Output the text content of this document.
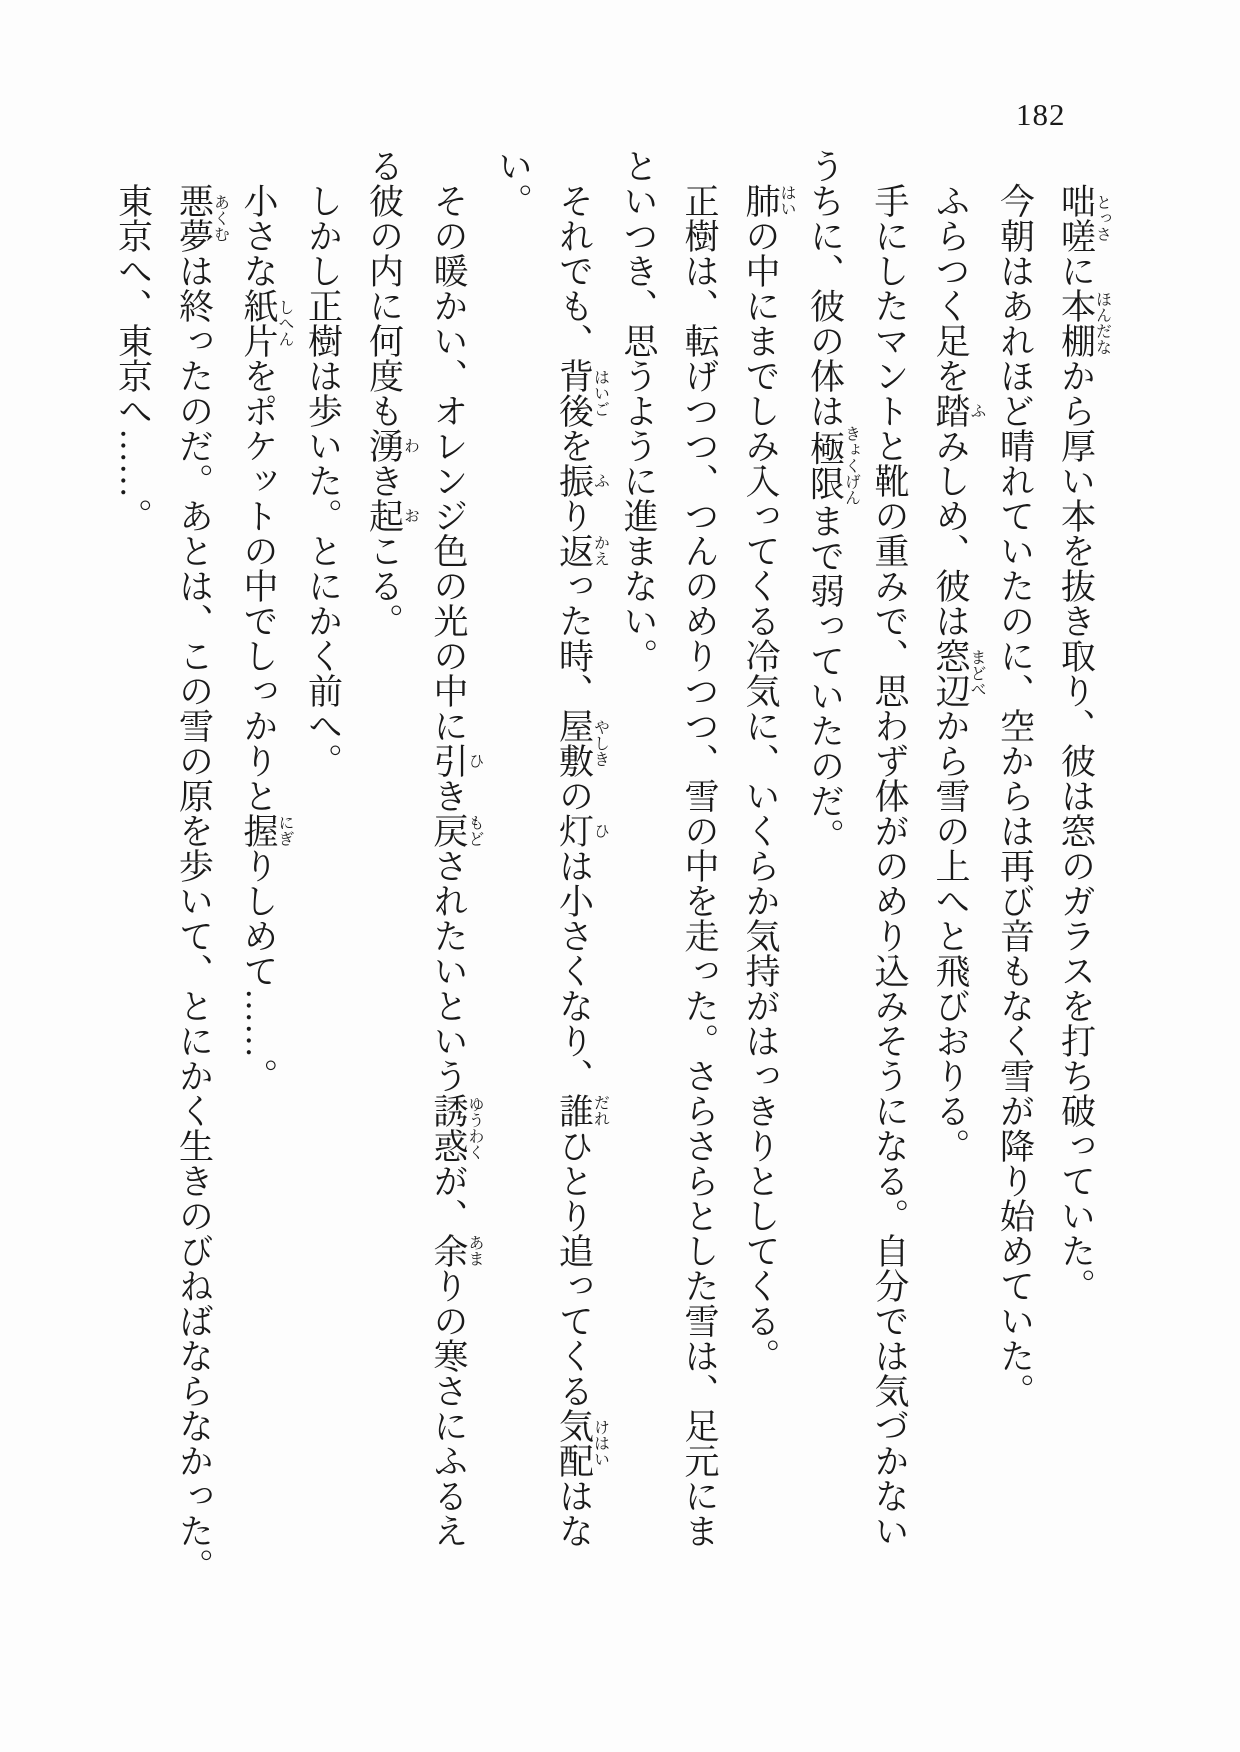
182
咄嗟とっさに本棚ほんだなから厚い本を抜き取り、彼は窓のガラスを打ち破っていた。
今朝はあれほど晴れていたのに、空からは再び音もなく雪が降り始めていた。
ふらつく足を踏ふみしめ、彼は窓辺まどべから雪の上へと飛びおりる。
手にしたマントと靴の重みで、思わず体がのめり込みそうになる。自分では気づかない
うちに、彼の体は極限きょくげんまで弱っていたのだ。
肺はいの中にまでしみ入ってくる冷気に、いくらか気持がはっきりとしてくる。
正樹は、転げつつ、つんのめりつつ、雪の中を走った。さらさらとした雪は、足元にま
といつき、思うように進まない。
それでも、背後はいごを振ふり返かえった時、屋敷やしきの灯ひは小さくなり、誰だれひとり追ってくる気配けはいはな
い。
その暖かい、オレンジ色の光の中に引ひき戻もどされたいという誘惑ゆうわくが、余あまりの寒さにふるえ
る彼の内に何度も湧わき起おこる。
しかし正樹は歩いた。とにかく前へ。
小さな紙片しへんをポケットの中でしっかりと握にぎりしめて……。
悪夢あくむは終ったのだ。あとは、この雪の原を歩いて、とにかく生きのびねばならなかった。
東京へ、東京へ……。
